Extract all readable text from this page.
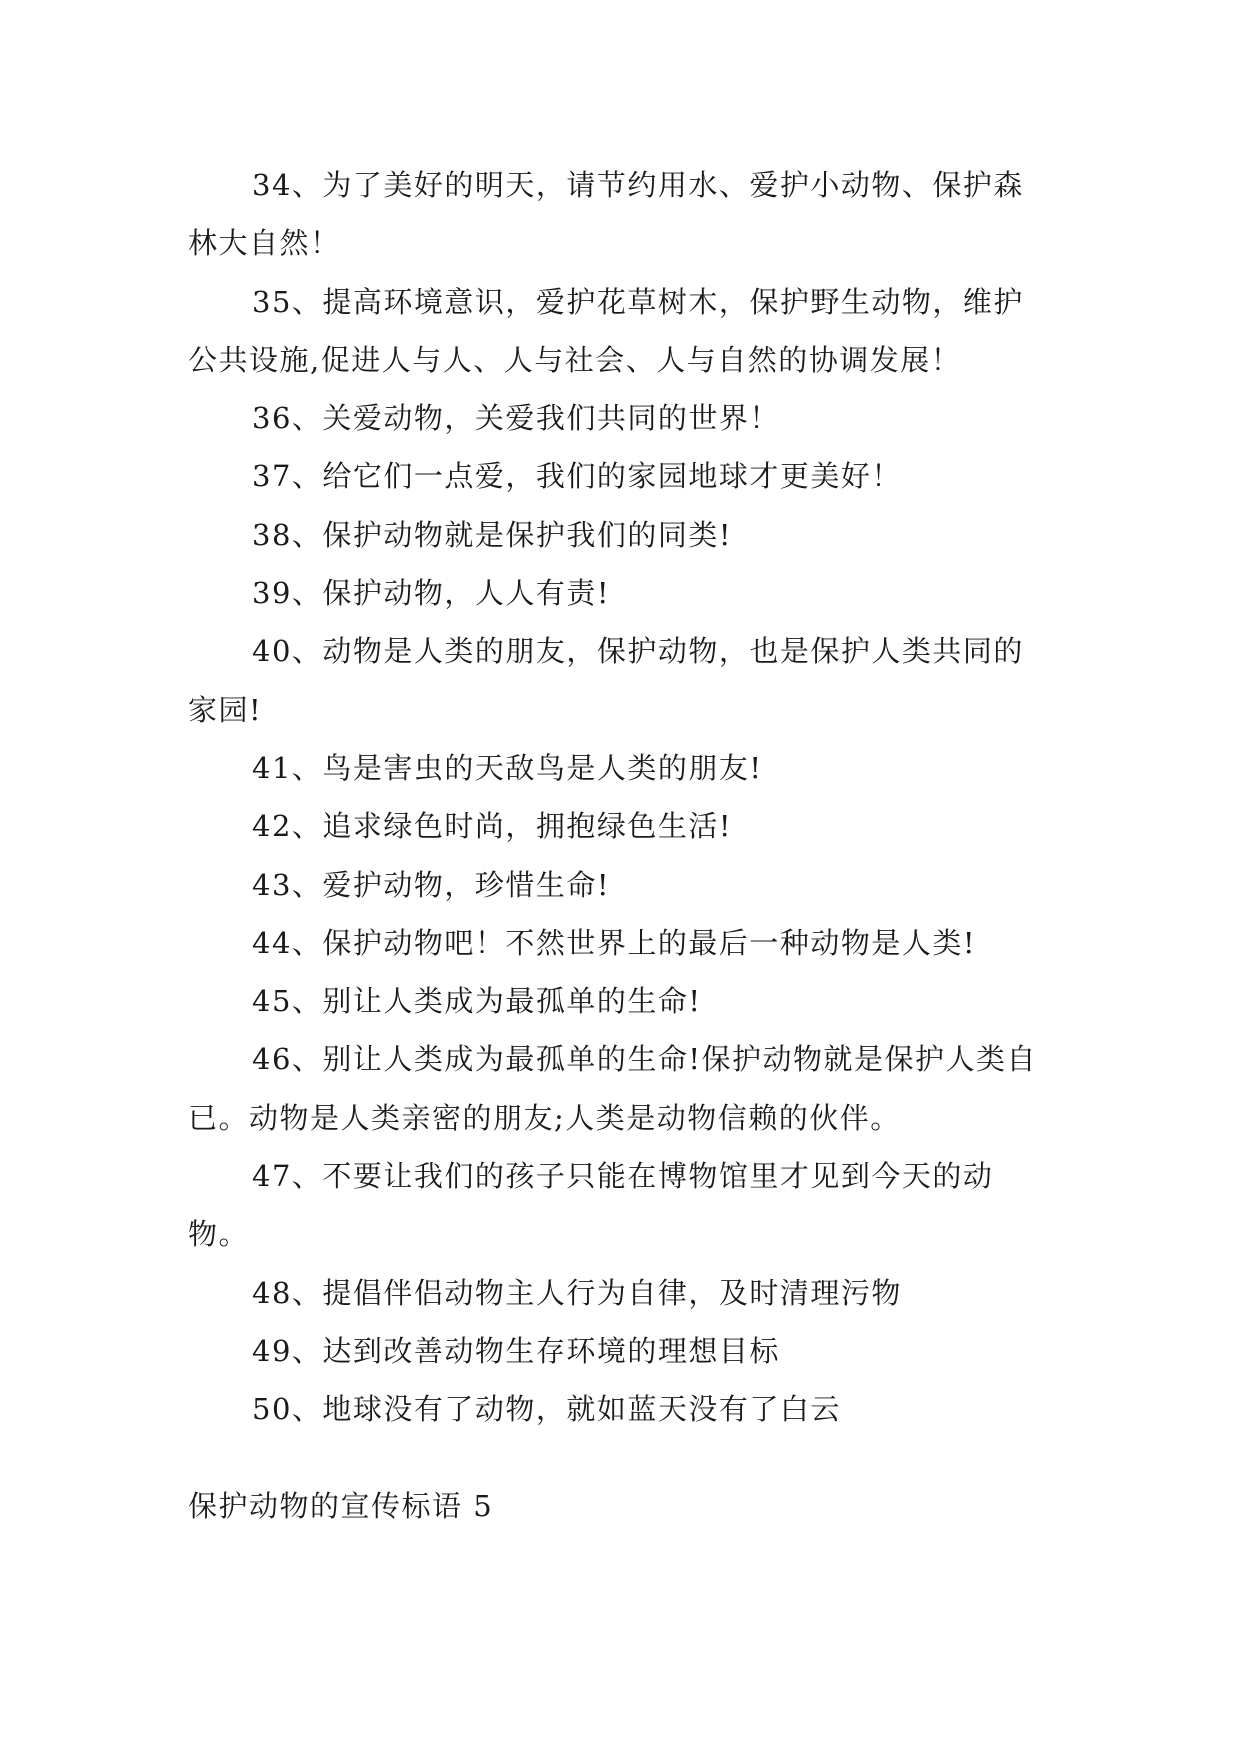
34、为了美好的明天，请节约用水、爱护小动物、保护森林大自然！

35、提高环境意识，爱护花草树木，保护野生动物，维护公共设施,促进人与人、人与社会、人与自然的协调发展！

36、关爱动物，关爱我们共同的世界！

37、给它们一点爱，我们的家园地球才更美好！

38、保护动物就是保护我们的同类!

39、保护动物，人人有责!

40、动物是人类的朋友，保护动物，也是保护人类共同的家园!

41、鸟是害虫的天敌鸟是人类的朋友!

42、追求绿色时尚，拥抱绿色生活!

43、爱护动物，珍惜生命!

44、保护动物吧！不然世界上的最后一种动物是人类!

45、别让人类成为最孤单的生命!

46、别让人类成为最孤单的生命!保护动物就是保护人类自已。动物是人类亲密的朋友;人类是动物信赖的伙伴。

47、不要让我们的孩子只能在博物馆里才见到今天的动物。

48、提倡伴侣动物主人行为自律，及时清理污物

49、达到改善动物生存环境的理想目标

50、地球没有了动物，就如蓝天没有了白云

保护动物的宣传标语 5
